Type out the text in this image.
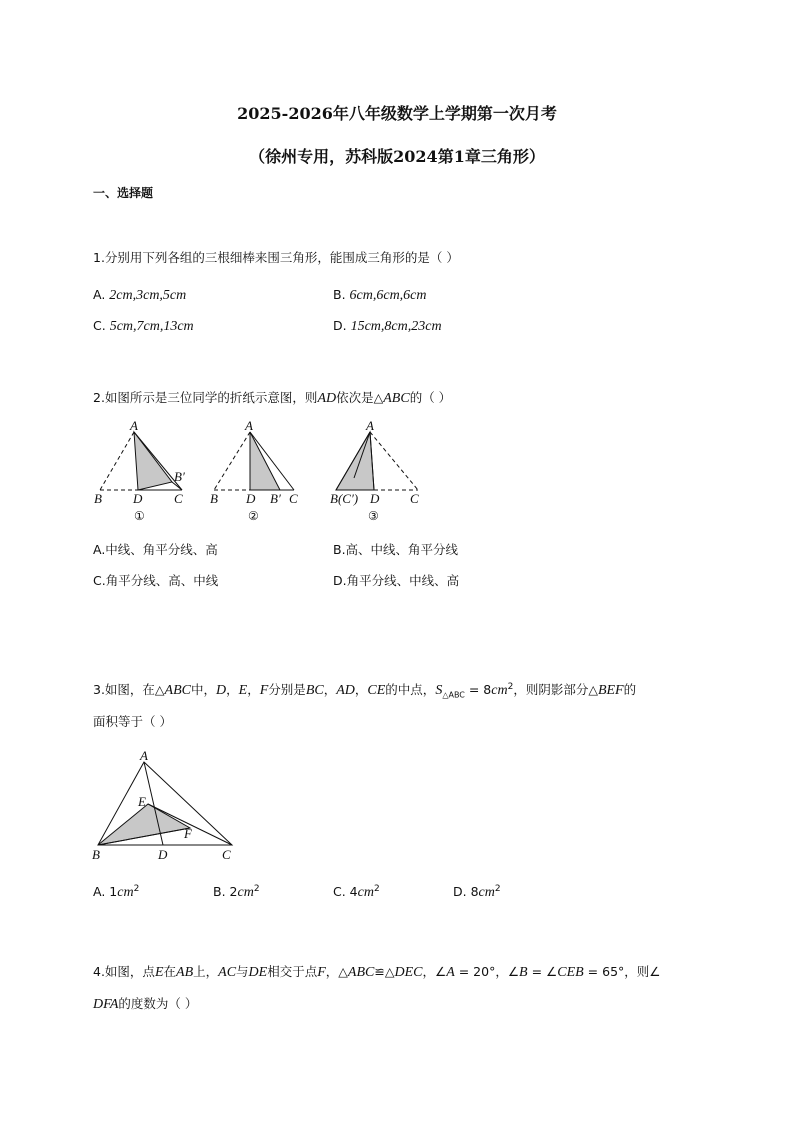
2025-2026年八年级数学上学期第一次月考
（徐州专用，苏科版2024第1章三角形）
一、选择题
1.分别用下列各组的三根细棒来围三角形，能围成三角形的是（ ）
A. 2cm,3cm,5cm	B. 6cm,6cm,6cm
C. 5cm,7cm,13cm	D. 15cm,8cm,23cm
2.如图所示是三位同学的折纸示意图，则AD依次是△ABC的（ ）
A
B D C
B′
①
A
B D B′ C
②
A
B(C′) D C
③
A.中线、角平分线、高	B.高、中线、角平分线
C.角平分线、高、中线	D.角平分线、中线、高
3.如图，在△ABC中，D，E，F分别是BC，AD，CE的中点，$S_{\triangle ABC} = 8cm^2$，则阴影部分△BEF的
面积等于（ ）
A
B	D	C
E
F
A. $1cm^2$	B. $2cm^2$	C. $4cm^2$	D. $8cm^2$
4.如图，点E在AB上，AC与DE相交于点F，△ABC≌△DEC，∠A = 20°，∠B = ∠CEB = 65°，则∠
DFA的度数为（ ）
